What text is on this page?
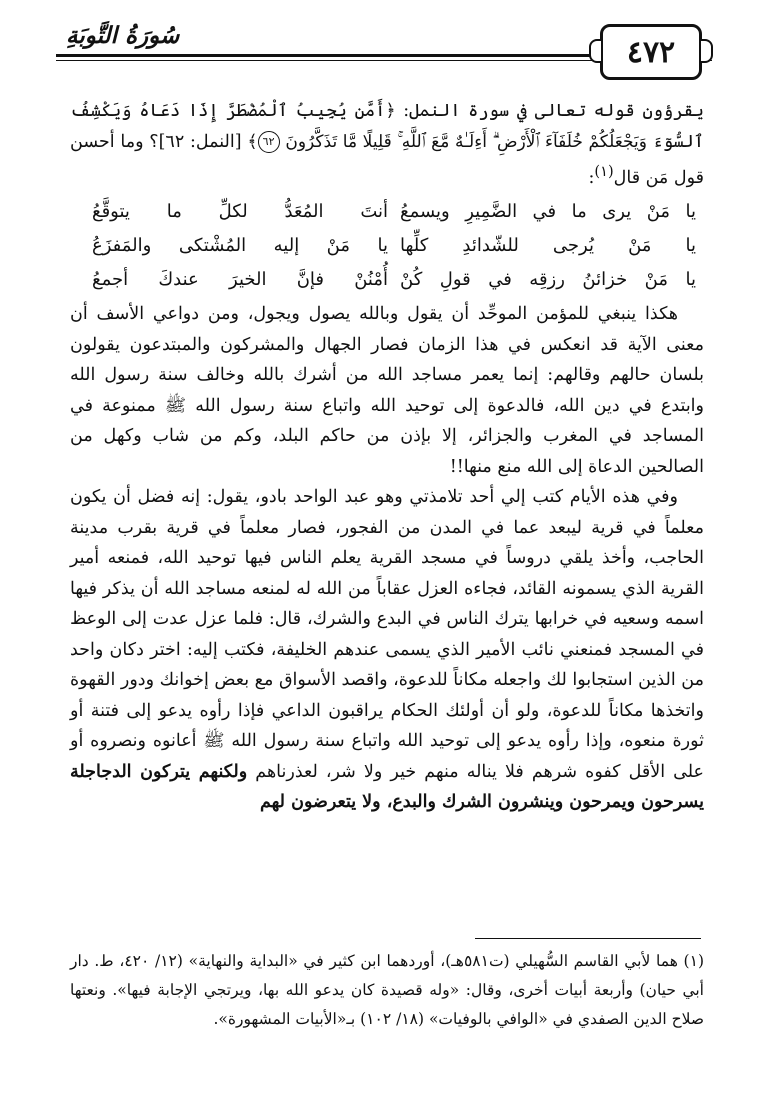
سُورَةُ التَّوبَةِ	٤٧٢

يقرؤون قوله تعالى في سورة النمل: ﴿أَمَّن يُجِيبُ ٱلْمُضْطَرَّ إِذَا دَعَاهُ وَيَكْشِفُ ٱلسُّوٓءَ وَيَجْعَلُكُمْ خُلَفَآءَ ٱلْأَرْضِ ۗ أَءِلَـٰهٌ مَّعَ ٱللَّهِ ۚ قَلِيلًا مَّا تَذَكَّرُونَ ٦٢﴾ [النمل: ٦٢]؟ وما أحسن قول مَن قال$^{(١)}$:

يا مَنْ يرى ما في الضَّمِيرِ ويسمعُ
أنتَ المُعَدُّ لكلِّ ما يتوقَّعُ
يا مَنْ يُرجى للشّدائدِ كلِّها
يا مَنْ إليه المُشْتكى والمَفزَعُ
يا مَنْ خزائنُ رزقِه في قولِ كُنْ
أُمْنُنْ فإنَّ الخيرَ عندكَ أجمعُ

هكذا ينبغي للمؤمن الموحِّد أن يقول وبالله يصول ويجول، ومن دواعي الأسف أن معنى الآية قد انعكس في هذا الزمان فصار الجهال والمشركون والمبتدعون يقولون بلسان حالهم وقالهم: إنما يعمر مساجد الله من أشرك بالله وخالف سنة رسول الله وابتدع في دين الله، فالدعوة إلى توحيد الله واتباع سنة رسول الله ﷺ ممنوعة في المساجد في المغرب والجزائر، إلا بإذن من حاكم البلد، وكم من شاب وكهل من الصالحين الدعاة إلى الله منع منها!!

وفي هذه الأيام كتب إلي أحد تلامذتي وهو عبد الواحد بادو، يقول: إنه فضل أن يكون معلماً في قرية ليبعد عما في المدن من الفجور، فصار معلماً في قرية بقرب مدينة الحاجب، وأخذ يلقي دروساً في مسجد القرية يعلم الناس فيها توحيد الله، فمنعه أمير القرية الذي يسمونه القائد، فجاءه العزل عقاباً من الله له لمنعه مساجد الله أن يذكر فيها اسمه وسعيه في خرابها يترك الناس في البدع والشرك، قال: فلما عزل عدت إلى الوعظ في المسجد فمنعني نائب الأمير الذي يسمى عندهم الخليفة، فكتب إليه: اختر دكان واحد من الذين استجابوا لك واجعله مكاناً للدعوة، واقصد الأسواق مع بعض إخوانك ودور القهوة واتخذها مكاناً للدعوة، ولو أن أولئك الحكام يراقبون الداعي فإذا رأوه يدعو إلى فتنة أو ثورة منعوه، وإذا رأوه يدعو إلى توحيد الله واتباع سنة رسول الله ﷺ أعانوه ونصروه أو على الأقل كفوه شرهم فلا يناله منهم خير ولا شر، لعذرناهم ولكنهم يتركون الدجاجلة يسرحون ويمرحون وينشرون الشرك والبدع، ولا يتعرضون لهم

(١) هما لأبي القاسم السُّهيلي (ت٥٨١هـ)، أوردهما ابن كثير في «البداية والنهاية» (١٢/ ٤٢٠، ط. دار أبي حيان) وأربعة أبيات أخرى، وقال: «وله قصيدة كان يدعو الله بها، ويرتجي الإجابة فيها». ونعتها صلاح الدين الصفدي في «الوافي بالوفيات» (١٨/ ١٠٢) بـ«الأبيات المشهورة».
